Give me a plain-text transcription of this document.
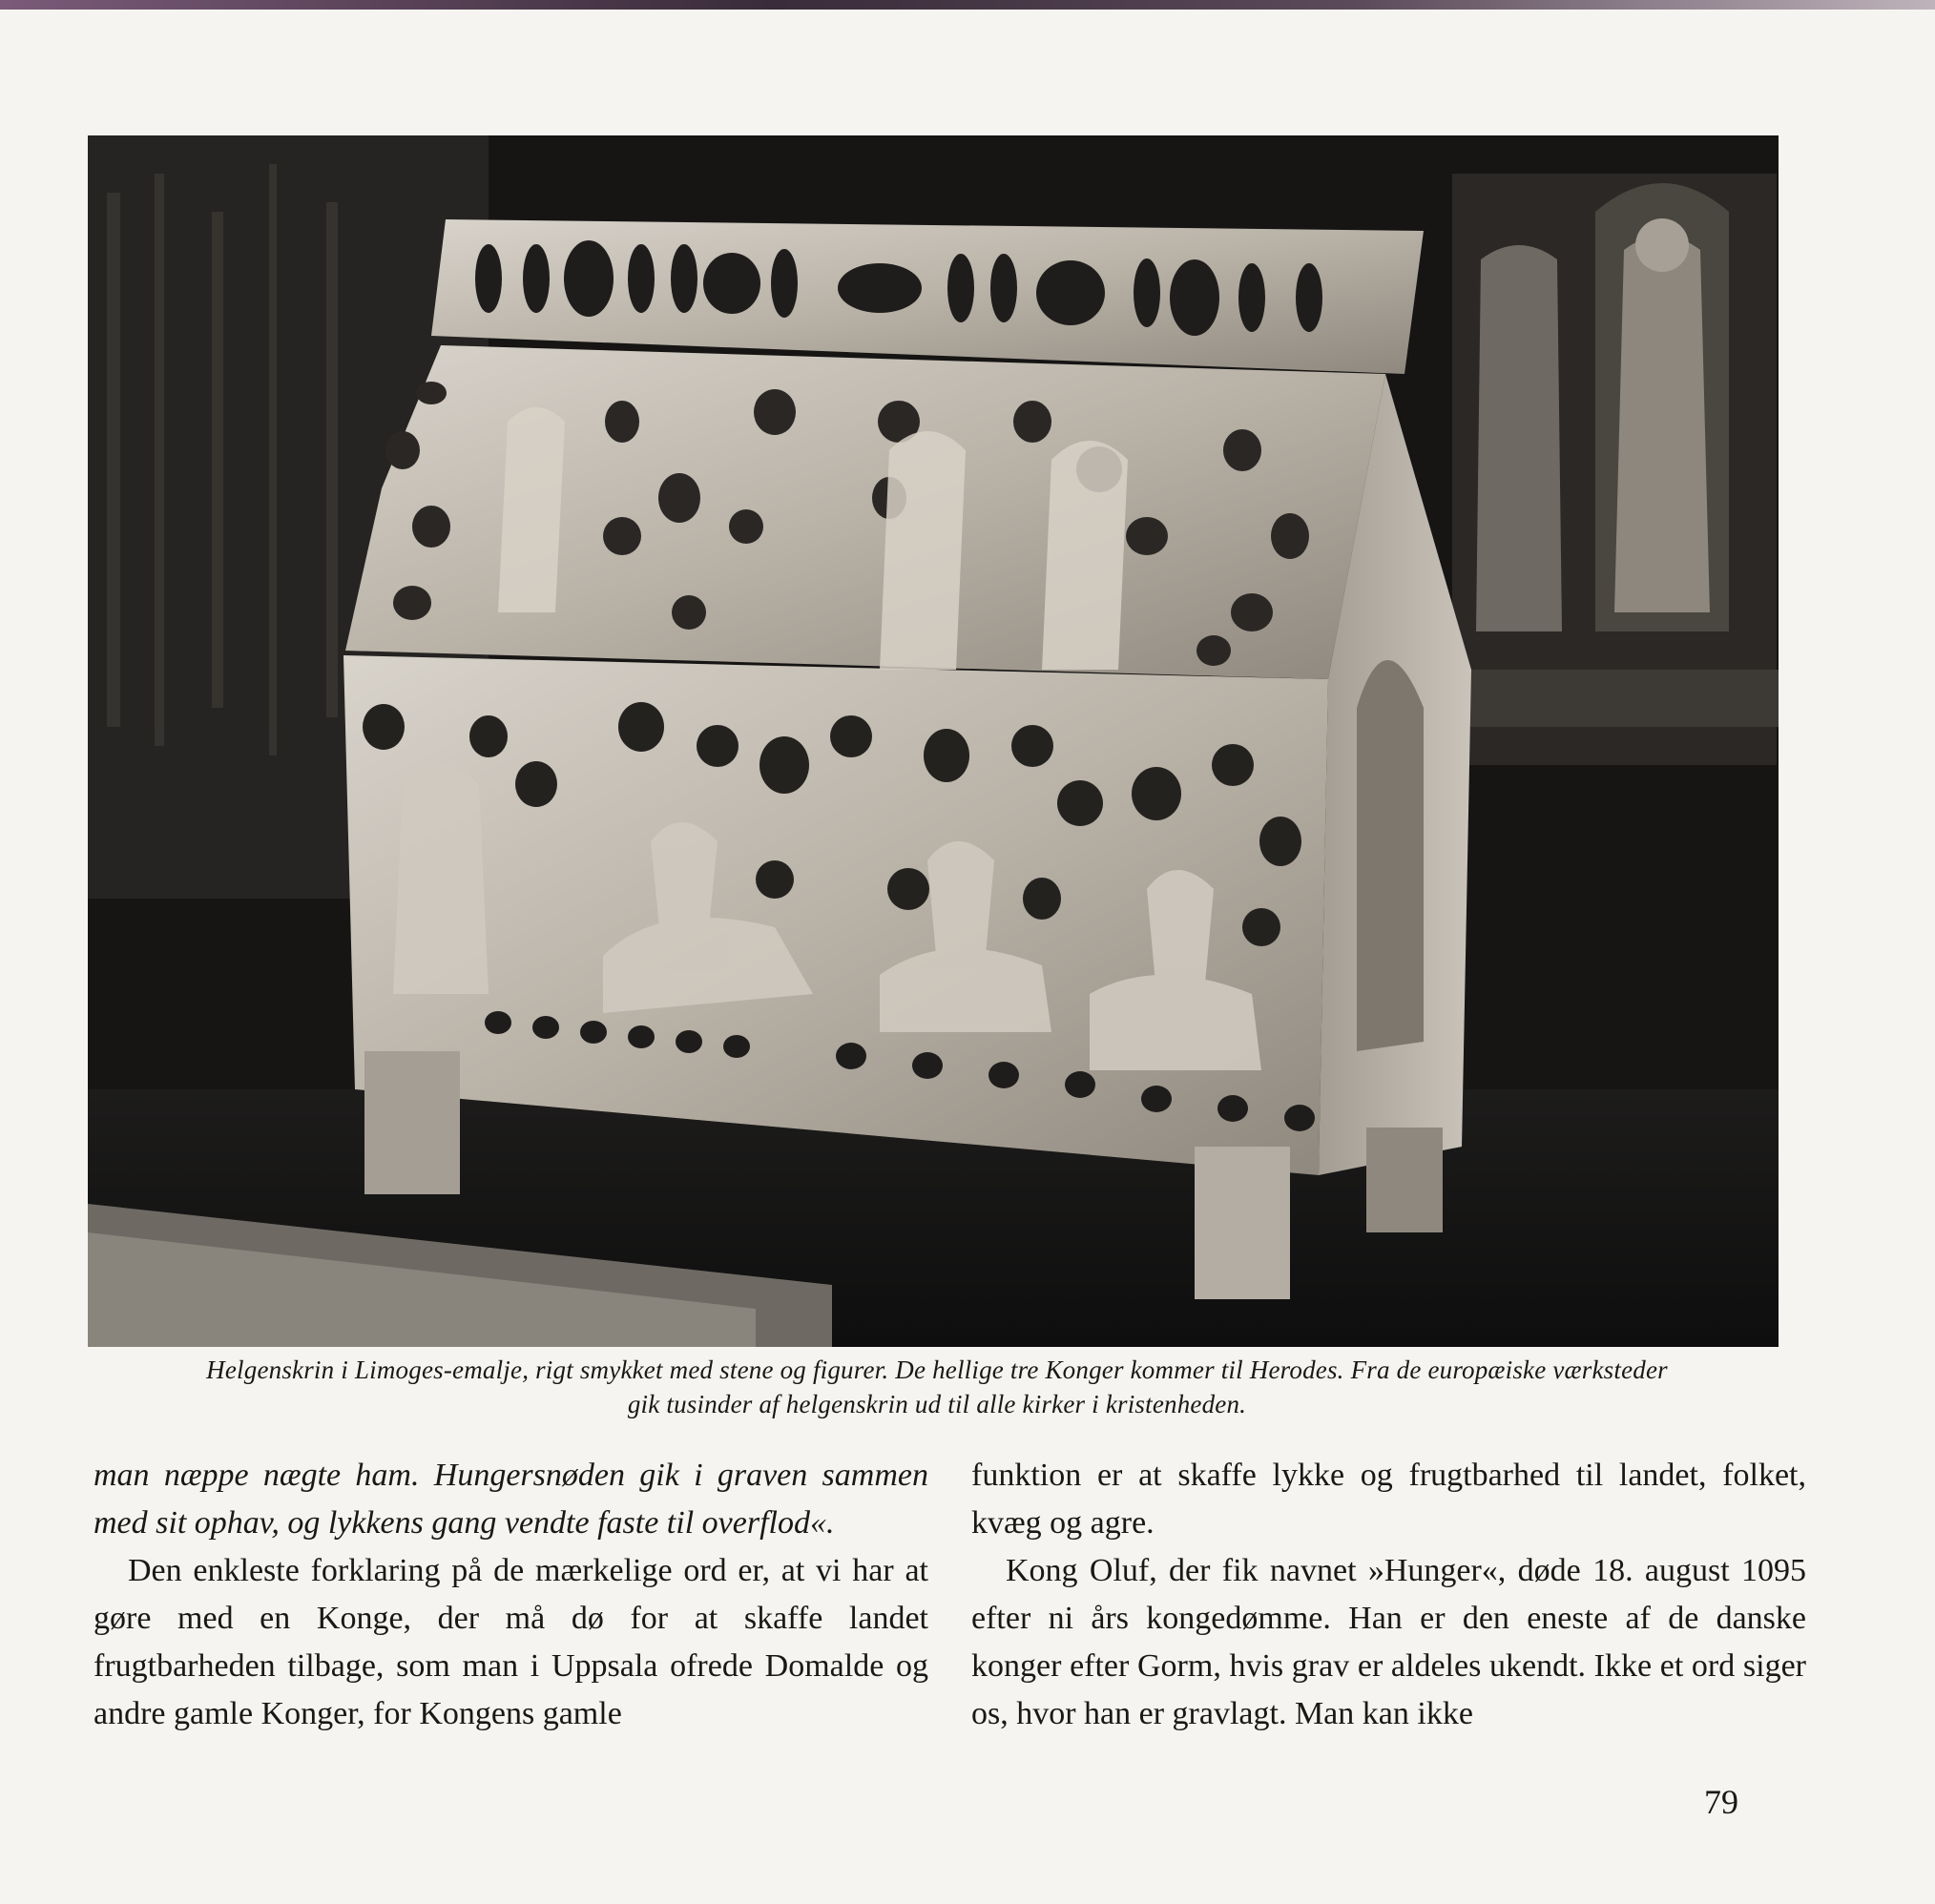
Helgenskrin i Limoges-emalje, rigt smykket med stene og figurer. De hellige tre Konger kommer til Herodes. Fra de europæiske værksteder
gik tusinder af helgenskrin ud til alle kirker i kristenheden.

man næppe nægte ham. Hungersnøden gik i graven sammen med sit ophav, og lykkens gang vendte faste til overflod«.

Den enkleste forklaring på de mærkelige ord er, at vi har at gøre med en Konge, der må dø for at skaffe landet frugtbarheden tilbage, som man i Uppsala ofrede Domalde og andre gamle Konger, for Kongens gamle

funktion er at skaffe lykke og frugtbarhed til landet, folket, kvæg og agre.

Kong Oluf, der fik navnet »Hunger«, døde 18. august 1095 efter ni års kongedømme. Han er den eneste af de danske konger efter Gorm, hvis grav er aldeles ukendt. Ikke et ord siger os, hvor han er gravlagt. Man kan ikke

79
